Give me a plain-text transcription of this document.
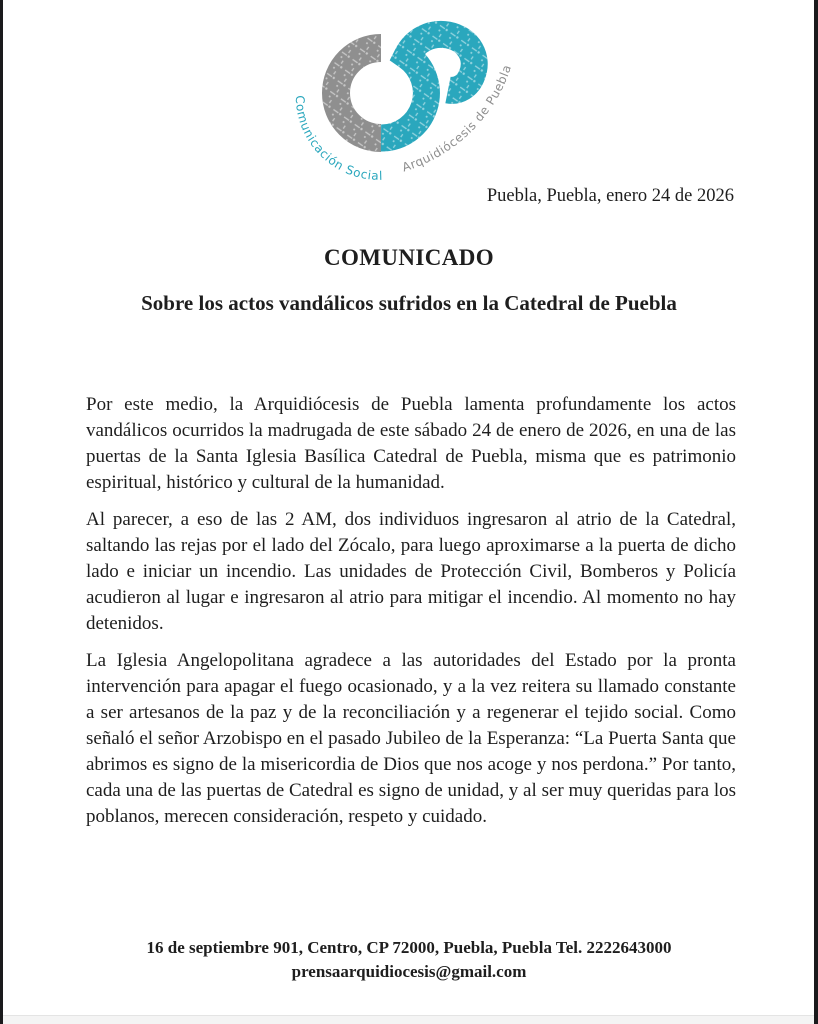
Comunicación Social
Arquidiócesis de Puebla
Puebla, Puebla, enero 24 de 2026
COMUNICADO
Sobre los actos vandálicos sufridos en la Catedral de Puebla

Por este medio, la Arquidiócesis de Puebla lamenta profundamente los actos vandálicos ocurridos la madrugada de este sábado 24 de enero de 2026, en una de las puertas de la Santa Iglesia Basílica Catedral de Puebla, misma que es patrimonio espiritual, histórico y cultural de la humanidad.

Al parecer, a eso de las 2 AM, dos individuos ingresaron al atrio de la Catedral, saltando las rejas por el lado del Zócalo, para luego aproximarse a la puerta de dicho lado e iniciar un incendio. Las unidades de Protección Civil, Bomberos y Policía acudieron al lugar e ingresaron al atrio para mitigar el incendio. Al momento no hay detenidos.

La Iglesia Angelopolitana agradece a las autoridades del Estado por la pronta intervención para apagar el fuego ocasionado, y a la vez reitera su llamado constante a ser artesanos de la paz y de la reconciliación y a regenerar el tejido social. Como señaló el señor Arzobispo en el pasado Jubileo de la Esperanza: “La Puerta Santa que abrimos es signo de la misericordia de Dios que nos acoge y nos perdona.” Por tanto, cada una de las puertas de Catedral es signo de unidad, y al ser muy queridas para los poblanos, merecen consideración, respeto y cuidado.

16 de septiembre 901, Centro, CP 72000, Puebla, Puebla Tel. 2222643000
prensaarquidiocesis@gmail.com
